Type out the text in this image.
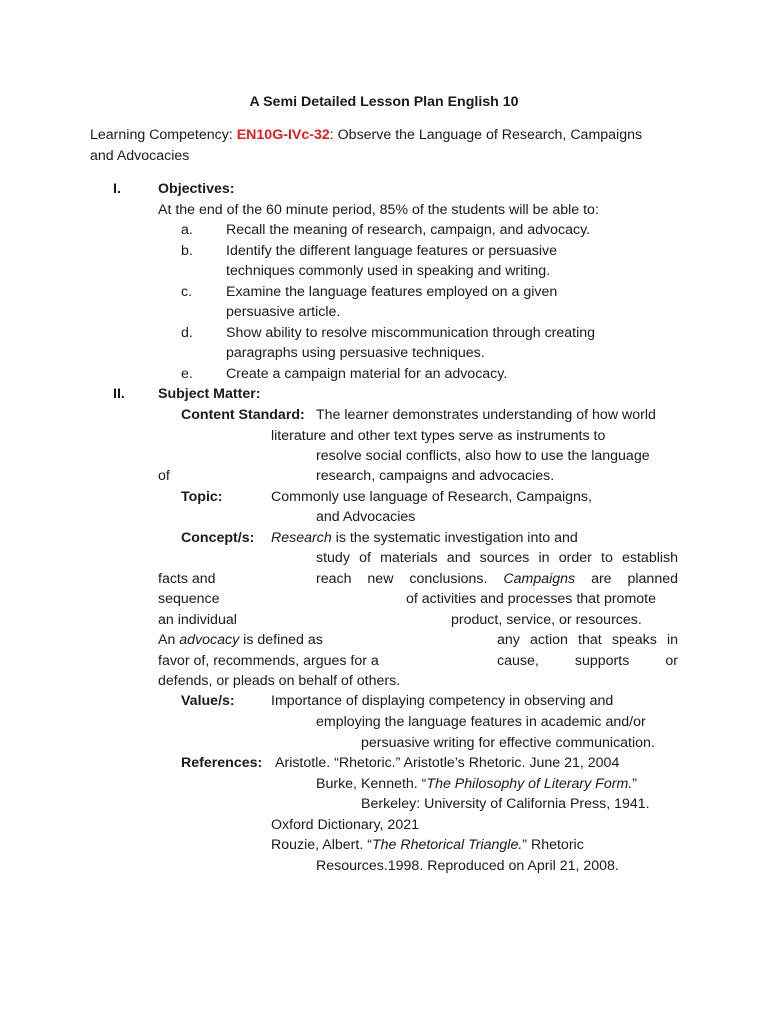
A Semi Detailed Lesson Plan English 10
Learning Competency: EN10G-IVc-32: Observe the Language of Research, Campaigns
and Advocacies
I.	Objectives:
At the end of the 60 minute period, 85% of the students will be able to:
a. Recall the meaning of research, campaign, and advocacy.
b. Identify the different language features or persuasive
techniques commonly used in speaking and writing.
c. Examine the language features employed on a given
persuasive article.
d. Show ability to resolve miscommunication through creating
paragraphs using persuasive techniques.
e. Create a campaign material for an advocacy.
II. Subject Matter:
Content Standard: The learner demonstrates understanding of how world
literature and other text types serve as instruments to
resolve social conflicts, also how to use the language
of	research, campaigns and advocacies.
Topic:	Commonly use language of Research, Campaigns,
and Advocacies
Concept/s: Research is the systematic investigation into and
study of materials and sources in order to establish
facts and	reach new conclusions. Campaigns are planned
sequence	of activities and processes that promote
an individual	product, service, or resources.
An advocacy is defined as	any action that speaks in
favor of, recommends, argues for a	cause, supports or
defends, or pleads on behalf of others.
Value/s:	Importance of displaying competency in observing and
employing the language features in academic and/or
persuasive writing for effective communication.
References: Aristotle. “Rhetoric.” Aristotle’s Rhetoric. June 21, 2004
Burke, Kenneth. “The Philosophy of Literary Form.”
Berkeley: University of California Press, 1941.
Oxford Dictionary, 2021
Rouzie, Albert. “The Rhetorical Triangle.” Rhetoric
Resources.1998. Reproduced on April 21, 2008.
